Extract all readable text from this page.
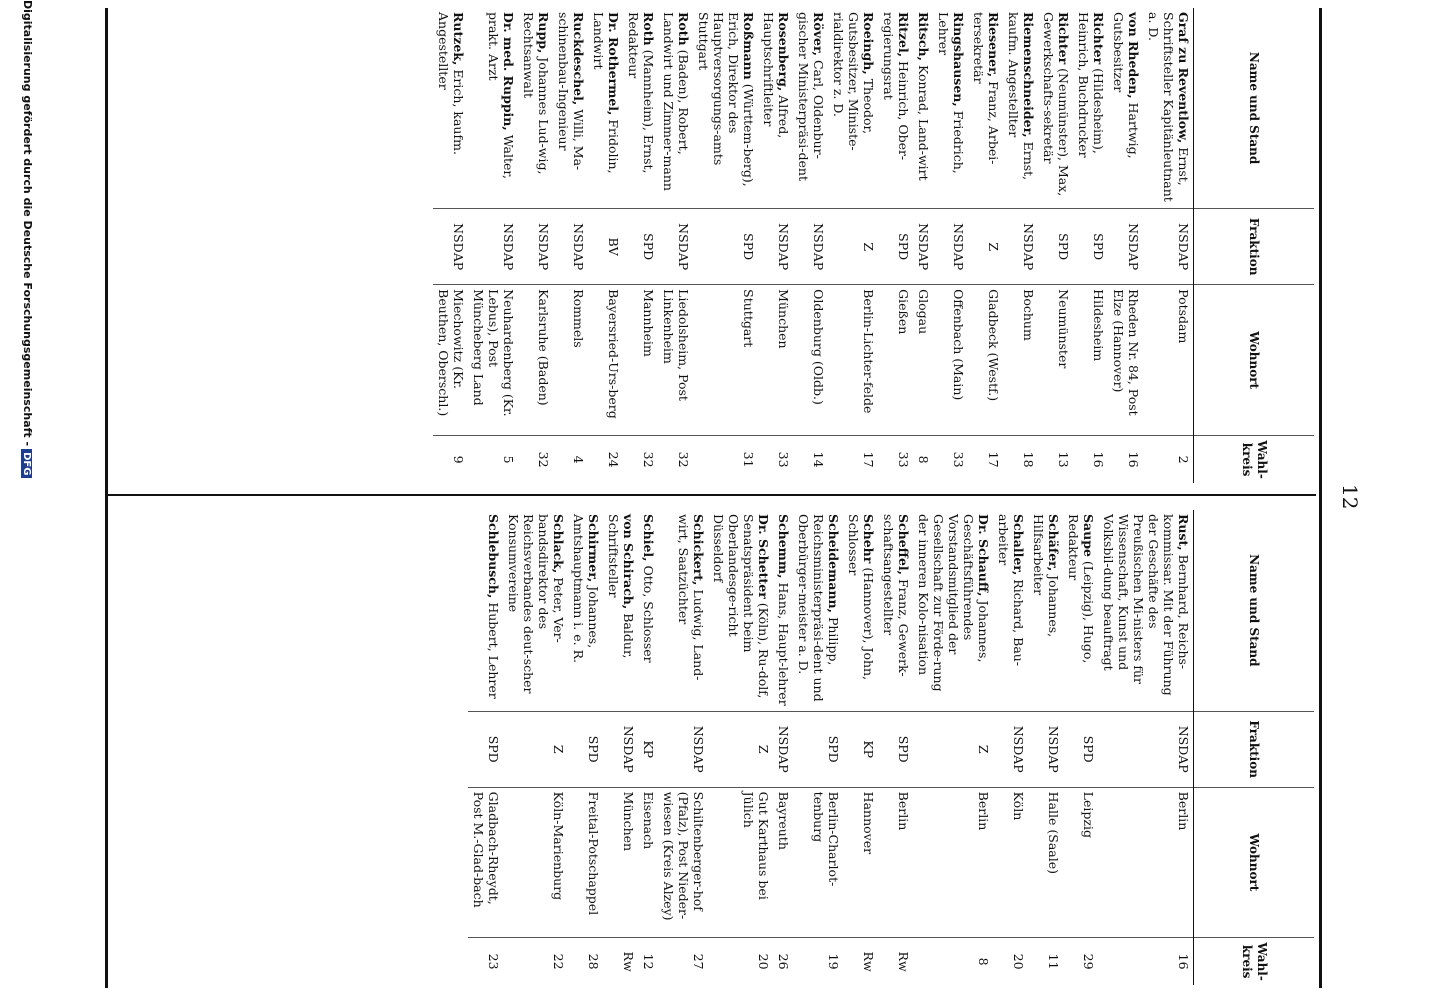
12
Name und Stand	Fraktion	Wohnort	Wahl-kreis
Graf zu Reventlow, Ernst, Schriftsteller Kapitänleutnant a. D.	NSDAP	Potsdam	2
von Rheden, Hartwig, Gutsbesitzer	NSDAP	Rheden Nr. 84, Post Elze (Hannover)	16
Richter (Hildesheim), Heinrich, Buchdrucker	SPD	Hildesheim	16
Richter (Neumünster), Max, Gewerkschafts-sekretär	SPD	Neumünster	13
Riemenschneider, Ernst, kaufm. Angestellter	NSDAP	Bochum	18
Riesener, Franz, Arbei-tersekretär	Z	Gladbeck (Westf.)	17
Ringshausen, Friedrich, Lehrer	NSDAP	Offenbach (Main)	33
Ritsch, Konrad, Land-wirt	NSDAP	Glogau	8
Ritzel, Heinrich, Ober-regierungsrat	SPD	Gießen	33
Roeingh, Theodor, Gutsbesitzer, Ministe-rialdirektor z. D.	Z	Berlin-Lichter-felde	17
Röver, Carl, Oldenbur-gischer Ministerpräsi-dent	NSDAP	Oldenburg (Oldb.)	14
Rosenberg, Alfred, Hauptschriftleiter	NSDAP	München	33
Roßmann (Württem-berg), Erich, Direktor des Hauptversorgungs-amts Stuttgart	SPD	Stuttgart	31
Roth (Baden), Robert, Landwirt und Zimmer-mann	NSDAP	Liedolsheim, Post Linkenheim	32
Roth (Mannheim), Ernst, Redakteur	SPD	Mannheim	32
Dr. Rothermel, Fridolin, Landwirt	BV	Bayersried-Urs-berg	24
Ruckdeschel, Willi, Ma-schinenbau-Ingenieur	NSDAP	Rommels	4
Rupp, Johannes Lud-wig, Rechtsanwalt	NSDAP	Karlsruhe (Baden)	32
Dr. med. Ruppin, Walter, prakt. Arzt	NSDAP	Neuhardenberg (Kr. Lebus), Post Müncheberg Land	5
Rutzek, Erich, kaufm. Angestellter	NSDAP	Miechowitz (Kr. Beuthen, Oberschl.)	9
Name und Stand	Fraktion	Wohnort	Wahl-kreis
Rust, Bernhard, Reichs-kommissar. Mit der Führung der Geschäfte des Preußischen Mi-nisters für Wissenschaft, Kunst und Volksbil-dung beauftragt	NSDAP	Berlin	16
Saupe (Leipzig), Hugo, Redakteur	SPD	Leipzig	29
Schäfer, Johannes, Hilfsarbeiter	NSDAP	Halle (Saale)	11
Schaller, Richard, Bau-arbeiter	NSDAP	Köln	20
Dr. Schauff, Johannes, Geschäftsführendes Vorstandsmitglied der Gesellschaft zur Förde-rung der inneren Kolo-nisation	Z	Berlin	8
Scheffel, Franz, Gewerk-schaftsangestellter	SPD	Berlin	Rw
Schehr (Hannover), John, Schlosser	KP	Hannover	Rw
Scheidemann, Philipp, Reichsministerpräsi-dent und Oberbürger-meister a. D.	SPD	Berlin-Charlot-tenburg	19
Schemm, Hans, Haupt-lehrer	NSDAP	Bayreuth	26
Dr. Schetter (Köln), Ru-dolf, Senatspräsident beim Oberlandesge-richt Düsseldorf	Z	Gut Karthaus bei Jülich	20
Schickert, Ludwig, Land-wirt, Saatzüchter	NSDAP	Schiltenberger-hof (Pfalz), Post Nieder-wiesen (Kreis Alzey)	27
Schiel, Otto, Schlosser	KP	Eisenach	12
von Schirach, Baldur, Schriftsteller	NSDAP	München	Rw
Schirmer, Johannes, Amtshauptmann i. e. R.	SPD	Freital-Potschappel	28
Schlack, Peter, Ver-bandsdirektor des Reichsverbandes deut-scher Konsumvereine	Z	Köln-Marienburg	22
Schlebusch, Hubert, Lehrer	SPD	Gladbach-Rheydt, Post M.-Glad-bach	23
Digitalisierung gefördert durch die Deutsche Forschungsgemeinschaft -DFG
